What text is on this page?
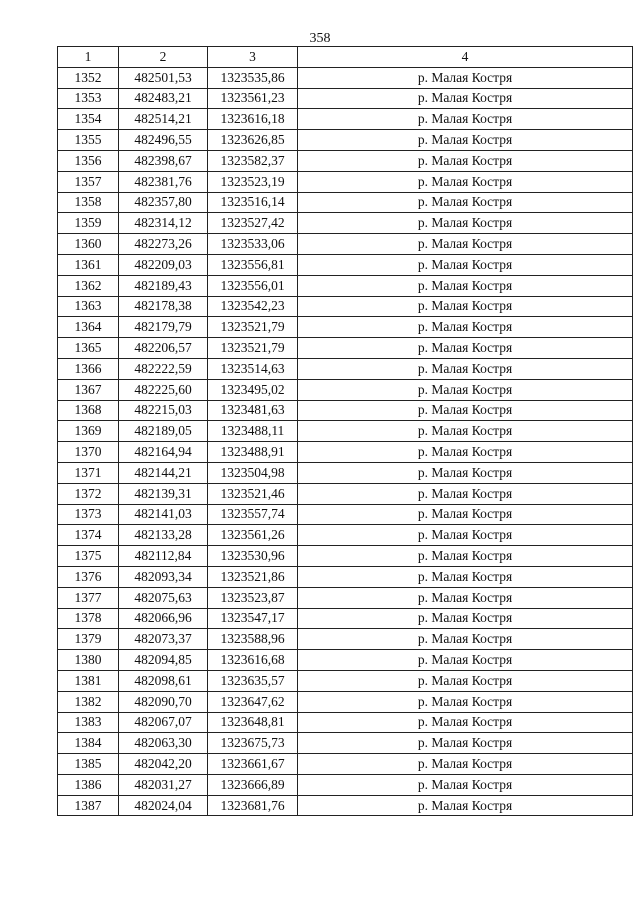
358
1	2	3	4
1352	482501,53	1323535,86	р. Малая Костря
1353	482483,21	1323561,23	р. Малая Костря
1354	482514,21	1323616,18	р. Малая Костря
1355	482496,55	1323626,85	р. Малая Костря
1356	482398,67	1323582,37	р. Малая Костря
1357	482381,76	1323523,19	р. Малая Костря
1358	482357,80	1323516,14	р. Малая Костря
1359	482314,12	1323527,42	р. Малая Костря
1360	482273,26	1323533,06	р. Малая Костря
1361	482209,03	1323556,81	р. Малая Костря
1362	482189,43	1323556,01	р. Малая Костря
1363	482178,38	1323542,23	р. Малая Костря
1364	482179,79	1323521,79	р. Малая Костря
1365	482206,57	1323521,79	р. Малая Костря
1366	482222,59	1323514,63	р. Малая Костря
1367	482225,60	1323495,02	р. Малая Костря
1368	482215,03	1323481,63	р. Малая Костря
1369	482189,05	1323488,11	р. Малая Костря
1370	482164,94	1323488,91	р. Малая Костря
1371	482144,21	1323504,98	р. Малая Костря
1372	482139,31	1323521,46	р. Малая Костря
1373	482141,03	1323557,74	р. Малая Костря
1374	482133,28	1323561,26	р. Малая Костря
1375	482112,84	1323530,96	р. Малая Костря
1376	482093,34	1323521,86	р. Малая Костря
1377	482075,63	1323523,87	р. Малая Костря
1378	482066,96	1323547,17	р. Малая Костря
1379	482073,37	1323588,96	р. Малая Костря
1380	482094,85	1323616,68	р. Малая Костря
1381	482098,61	1323635,57	р. Малая Костря
1382	482090,70	1323647,62	р. Малая Костря
1383	482067,07	1323648,81	р. Малая Костря
1384	482063,30	1323675,73	р. Малая Костря
1385	482042,20	1323661,67	р. Малая Костря
1386	482031,27	1323666,89	р. Малая Костря
1387	482024,04	1323681,76	р. Малая Костря
